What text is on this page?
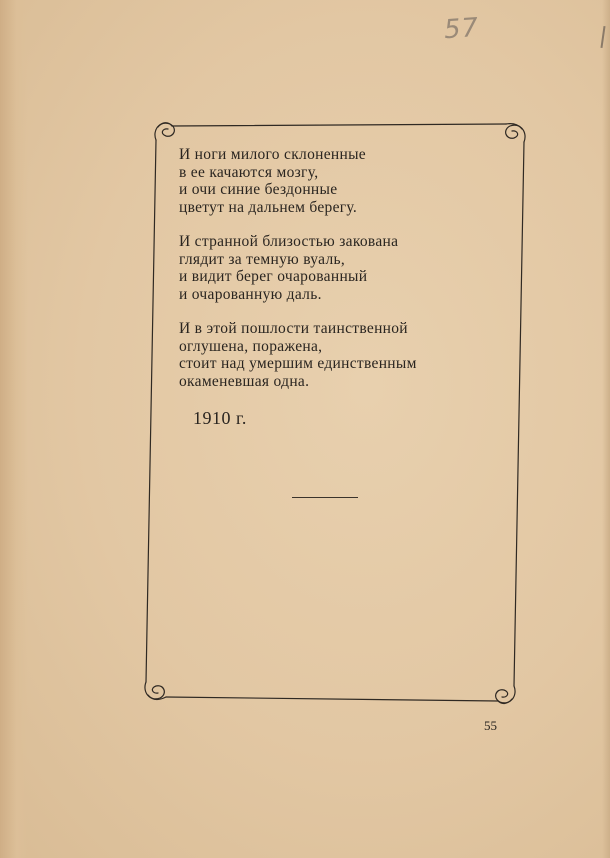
57
И ноги милого склоненные
в ее качаются мозгу,
и очи синие бездонные
цветут на дальнем берегу.
И странной близостью закована
глядит за темную вуаль,
и видит берег очарованный
и очарованную даль.
И в этой пошлости таинственной
оглушена, поражена,
стоит над умершим единственным
окаменевшая одна.
1910 г.
55
